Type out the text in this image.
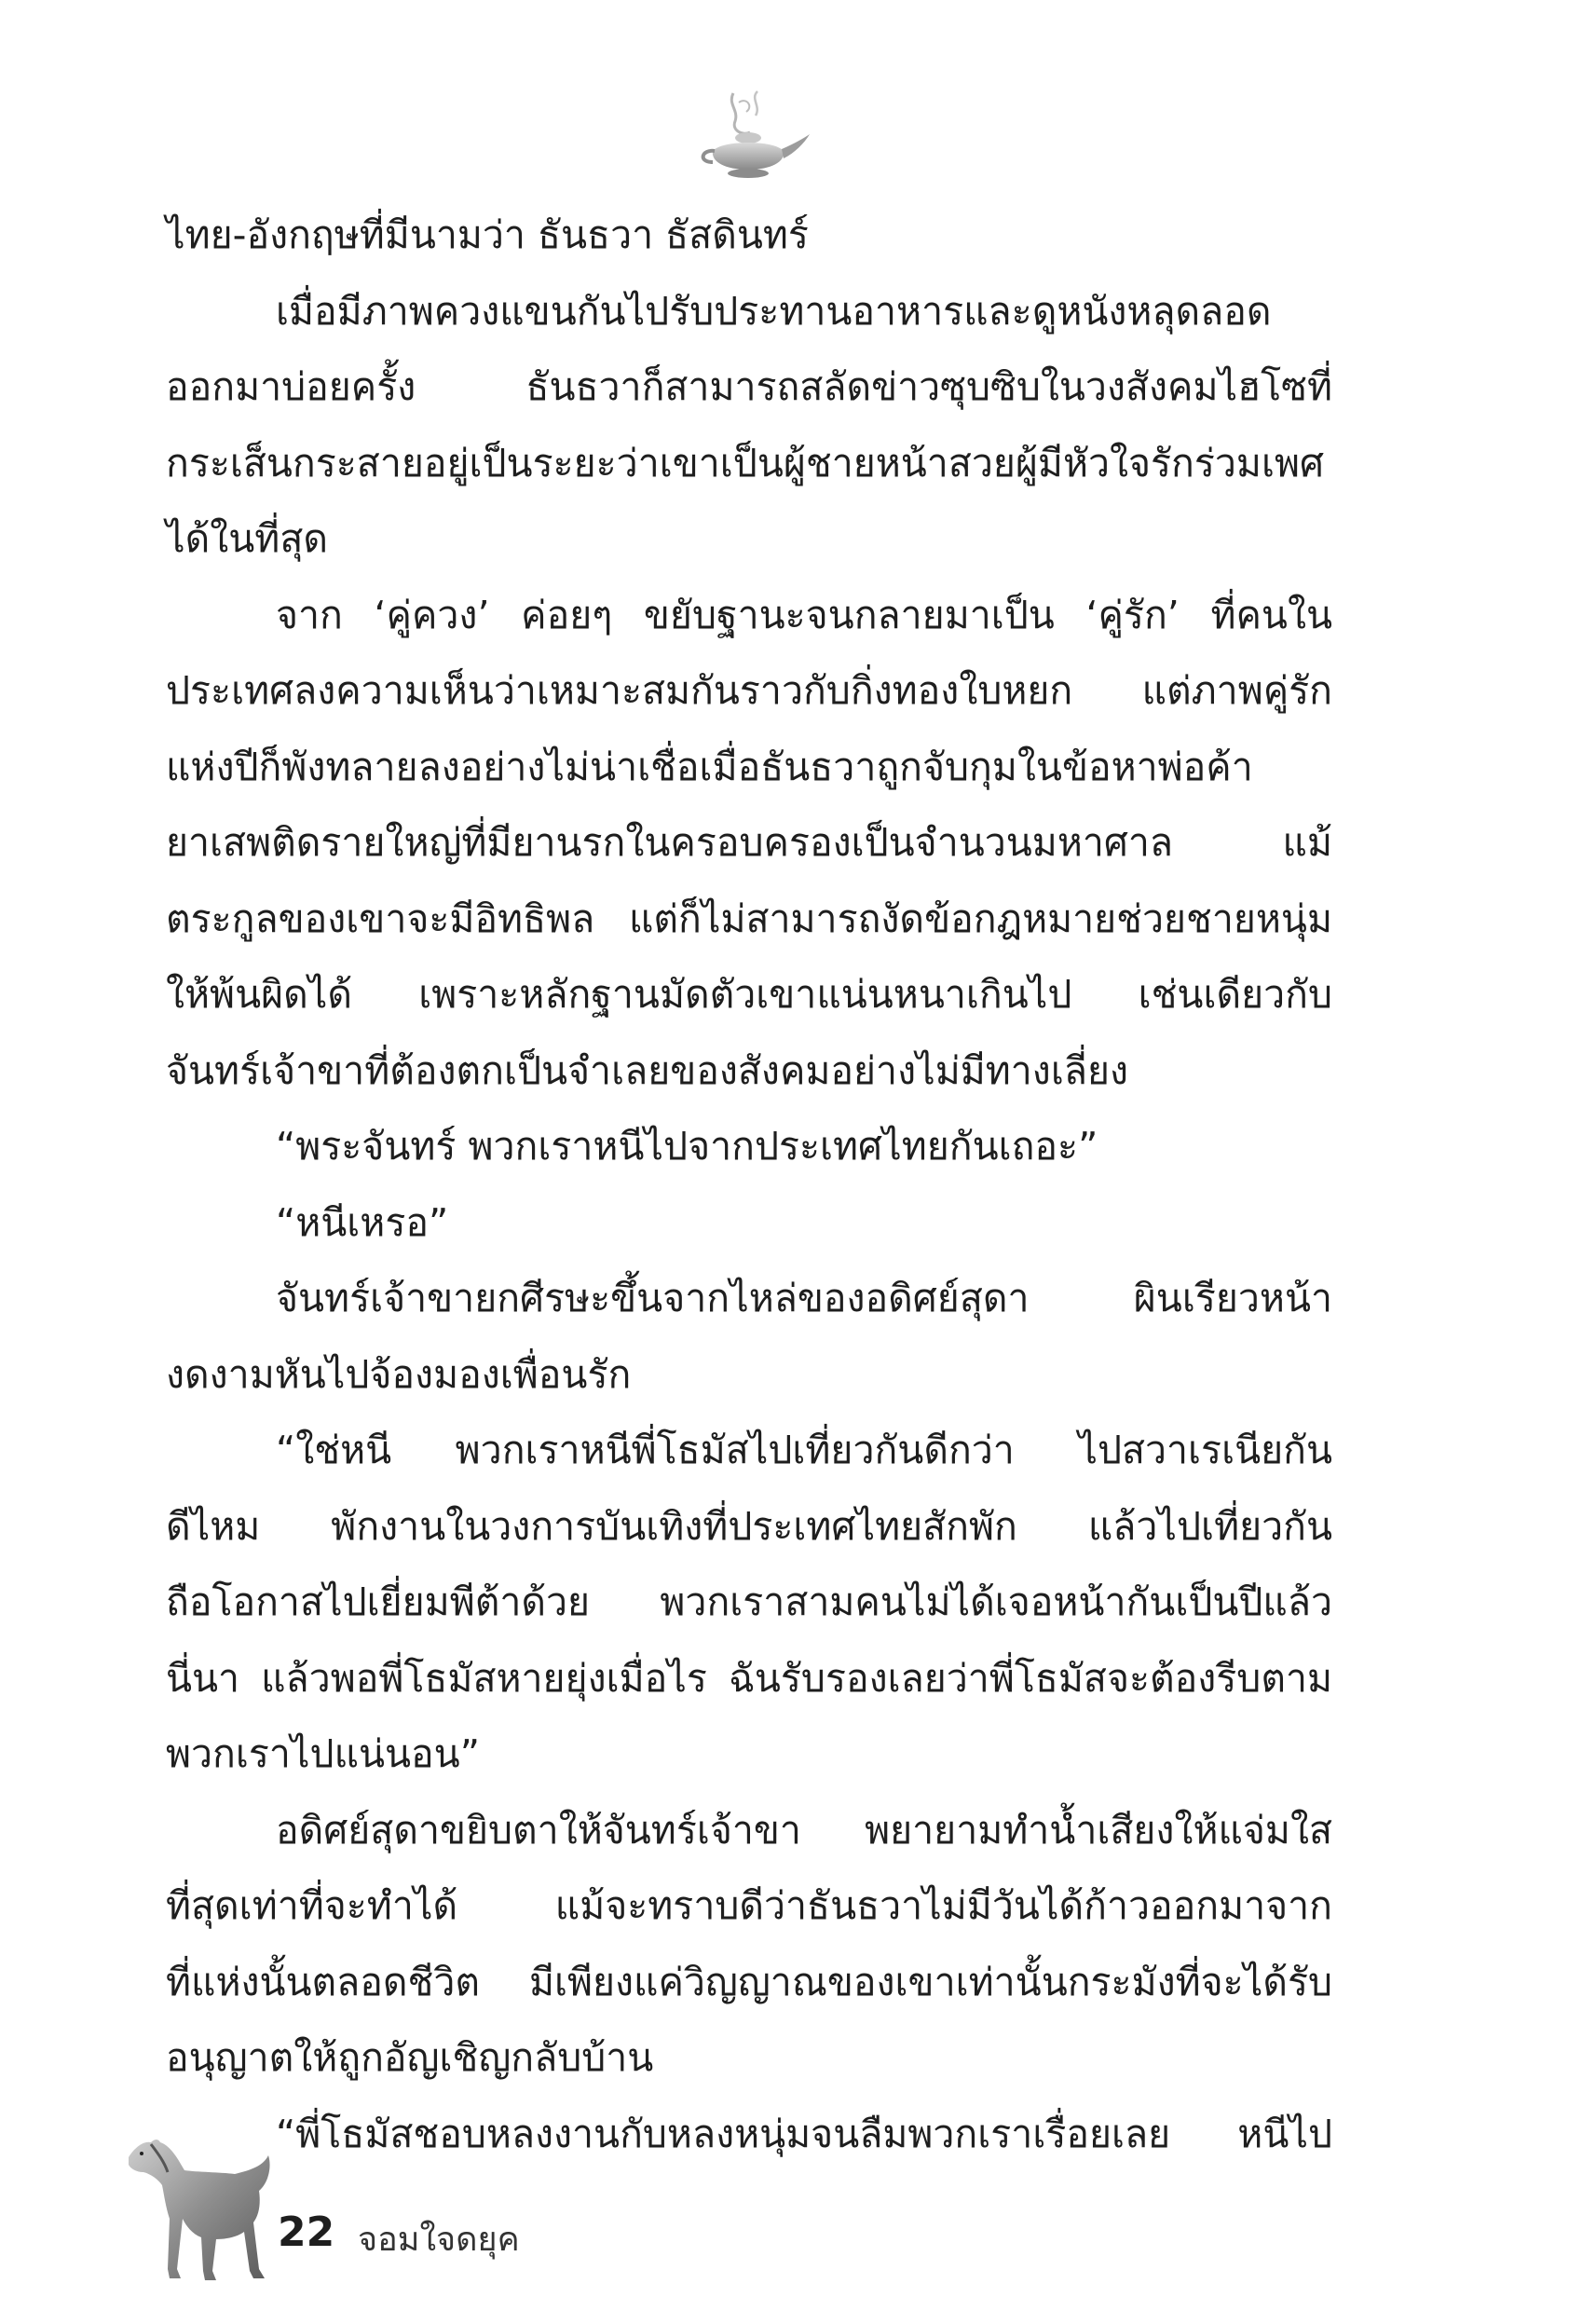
ไทย-อังกฤษที่มีนามว่า ธันธวา ธัสดินทร์
เมื่อมีภาพควงแขนกันไปรับประทานอาหารและดูหนังหลุดลอด
ออกมาบ่อยครั้ง ธันธวาก็สามารถสลัดข่าวซุบซิบในวงสังคมไฮโซที่
กระเส็นกระสายอยู่เป็นระยะว่าเขาเป็นผู้ชายหน้าสวยผู้มีหัวใจรักร่วมเพศ
ได้ในที่สุด
จาก ‘คู่ควง’ ค่อยๆ ขยับฐานะจนกลายมาเป็น ‘คู่รัก’ ที่คนใน
ประเทศลงความเห็นว่าเหมาะสมกันราวกับกิ่งทองใบหยก แต่ภาพคู่รัก
แห่งปีก็พังทลายลงอย่างไม่น่าเชื่อเมื่อธันธวาถูกจับกุมในข้อหาพ่อค้า
ยาเสพติดรายใหญ่ที่มียานรกในครอบครองเป็นจำนวนมหาศาล แม้
ตระกูลของเขาจะมีอิทธิพล แต่ก็ไม่สามารถงัดข้อกฎหมายช่วยชายหนุ่ม
ให้พ้นผิดได้ เพราะหลักฐานมัดตัวเขาแน่นหนาเกินไป เช่นเดียวกับ
จันทร์เจ้าขาที่ต้องตกเป็นจำเลยของสังคมอย่างไม่มีทางเลี่ยง
“พระจันทร์ พวกเราหนีไปจากประเทศไทยกันเถอะ”
“หนีเหรอ”
จันทร์เจ้าขายกศีรษะขึ้นจากไหล่ของอดิศย์สุดา ผินเรียวหน้า
งดงามหันไปจ้องมองเพื่อนรัก
“ใช่หนี พวกเราหนีพี่โธมัสไปเที่ยวกันดีกว่า ไปสวาเรเนียกัน
ดีไหม พักงานในวงการบันเทิงที่ประเทศไทยสักพัก แล้วไปเที่ยวกัน
ถือโอกาสไปเยี่ยมพีต้าด้วย พวกเราสามคนไม่ได้เจอหน้ากันเป็นปีแล้ว
นี่นา แล้วพอพี่โธมัสหายยุ่งเมื่อไร ฉันรับรองเลยว่าพี่โธมัสจะต้องรีบตาม
พวกเราไปแน่นอน”
อดิศย์สุดาขยิบตาให้จันทร์เจ้าขา พยายามทำน้ำเสียงให้แจ่มใส
ที่สุดเท่าที่จะทำได้ แม้จะทราบดีว่าธันธวาไม่มีวันได้ก้าวออกมาจาก
ที่แห่งนั้นตลอดชีวิต มีเพียงแค่วิญญาณของเขาเท่านั้นกระมังที่จะได้รับ
อนุญาตให้ถูกอัญเชิญกลับบ้าน
“พี่โธมัสชอบหลงงานกับหลงหนุ่มจนลืมพวกเราเรื่อยเลย หนีไป
22 จอมใจดยุค
